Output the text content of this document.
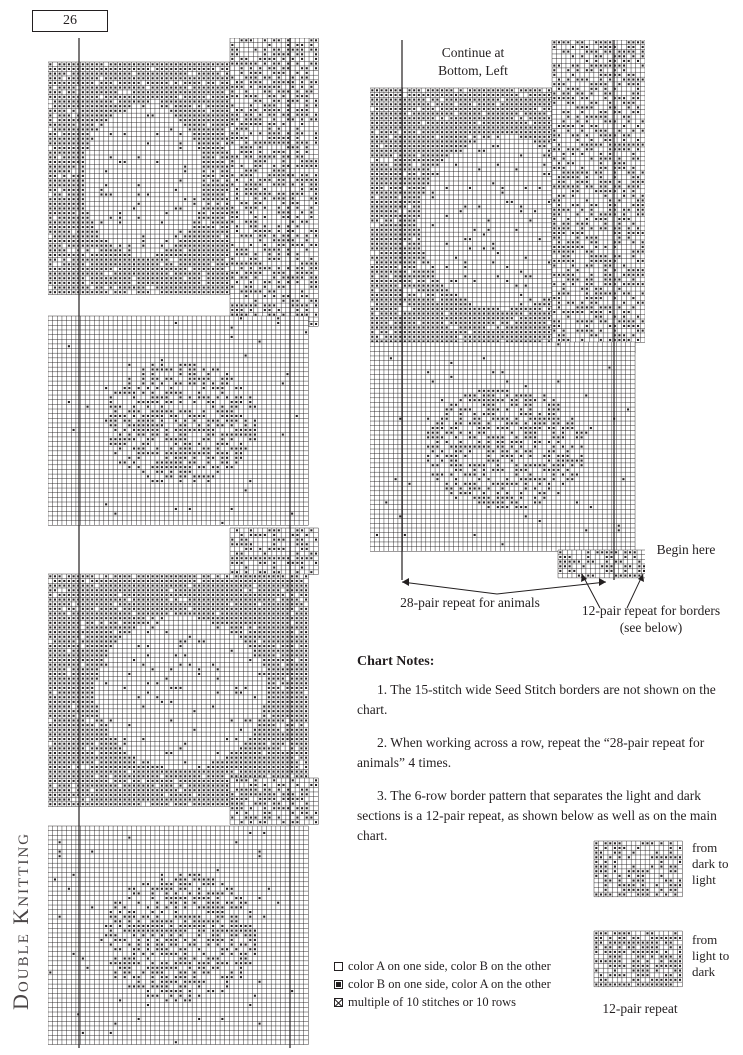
26
Double Knitting
Continue at
Bottom, Left
Begin here
28-pair repeat for animals
12-pair repeat for borders
(see below)
Chart Notes:

1. The 15-stitch wide Seed Stitch borders are not shown on the chart.

2. When working across a row, repeat the “28-pair repeat for animals” 4 times.

3. The 6-row border pattern that separates the light and dark sections is a 12-pair repeat, as shown below as well as on the main chart.

from
dark to
light
from
light to
dark
12-pair repeat
color A on one side, color B on the other
color B on one side, color A on the other
multiple of 10 stitches or 10 rows
